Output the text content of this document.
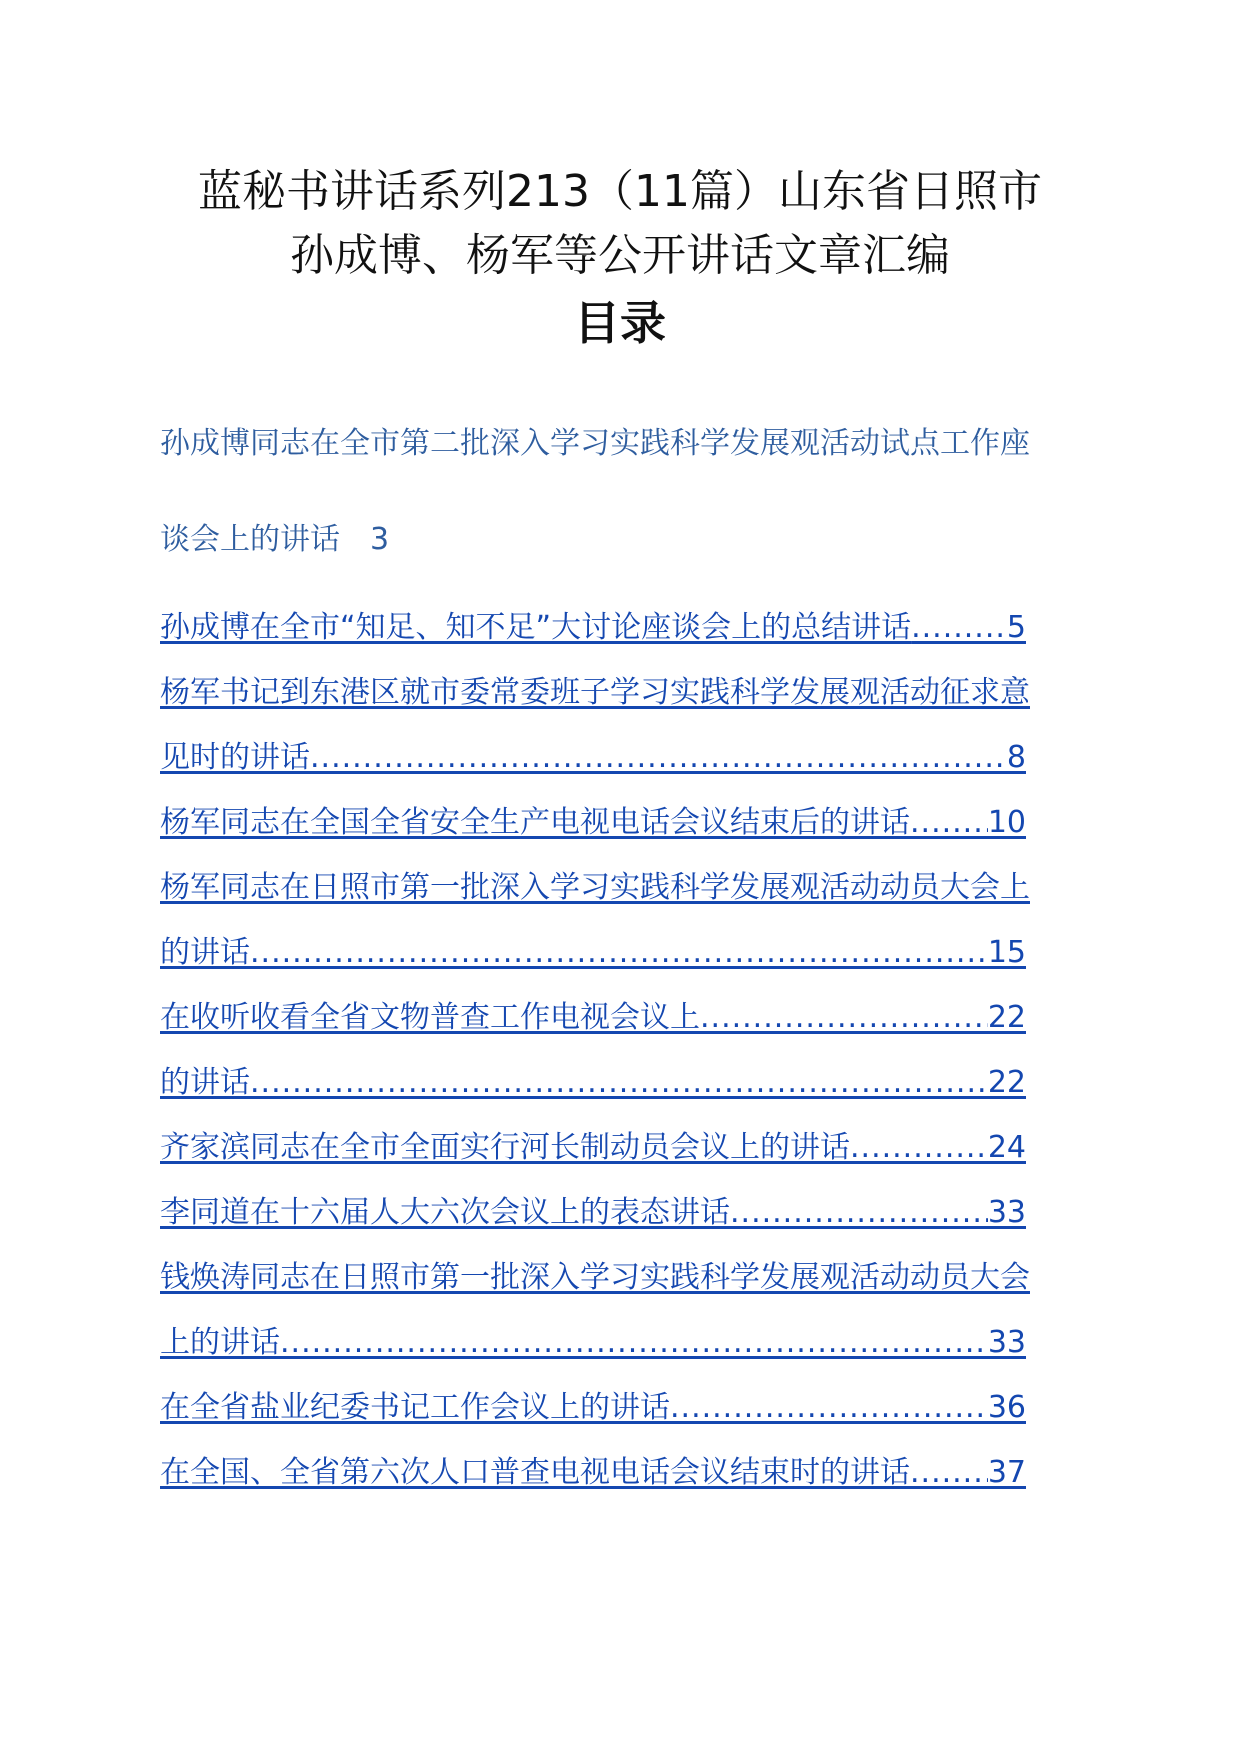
蓝秘书讲话系列213（11篇）山东省日照市
孙成博、杨军等公开讲话文章汇编
目录
孙成博同志在全市第二批深入学习实践科学发展观活动试点工作座
谈会上的讲话 3
孙成博在全市“知足、知不足”大讨论座谈会上的总结讲话 .....	5
杨军书记到东港区就市委常委班子学习实践科学发展观活动征求意
见时的讲话 .....	8
杨军同志在全国全省安全生产电视电话会议结束后的讲话 .....	10
杨军同志在日照市第一批深入学习实践科学发展观活动动员大会上
的讲话 .....	15
在收听收看全省文物普查工作电视会议上 .....	22
的讲话 .....	22
齐家滨同志在全市全面实行河长制动员会议上的讲话 .....	24
李同道在十六届人大六次会议上的表态讲话 .....	33
钱焕涛同志在日照市第一批深入学习实践科学发展观活动动员大会
上的讲话 .....	33
在全省盐业纪委书记工作会议上的讲话 .....	36
在全国、全省第六次人口普查电视电话会议结束时的讲话 .....	37
